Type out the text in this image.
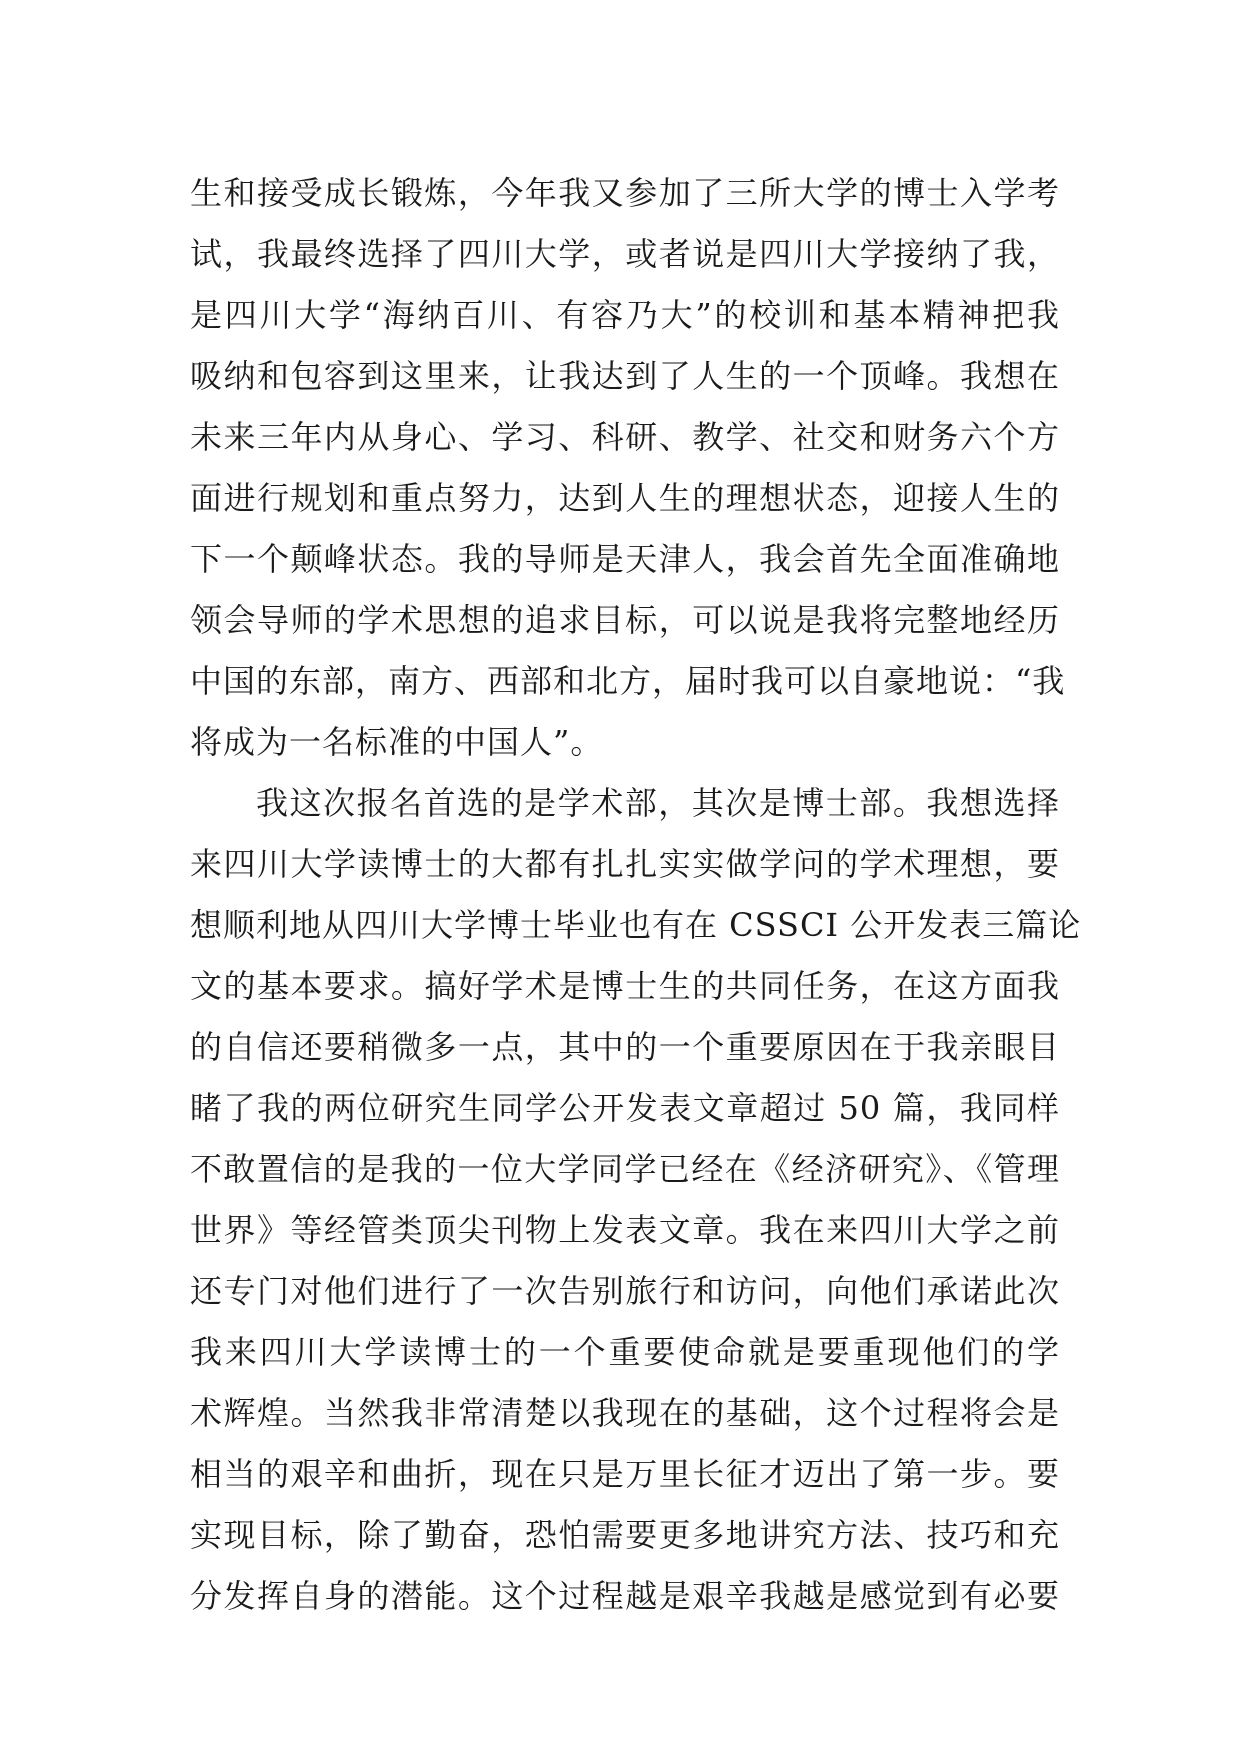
生和接受成长锻炼，今年我又参加了三所大学的博士入学考
试，我最终选择了四川大学，或者说是四川大学接纳了我，
是四川大学“海纳百川、有容乃大”的校训和基本精神把我
吸纳和包容到这里来，让我达到了人生的一个顶峰。我想在
未来三年内从身心、学习、科研、教学、社交和财务六个方
面进行规划和重点努力，达到人生的理想状态，迎接人生的
下一个颠峰状态。我的导师是天津人，我会首先全面准确地
领会导师的学术思想的追求目标，可以说是我将完整地经历
中国的东部，南方、西部和北方，届时我可以自豪地说：“我
将成为一名标准的中国人”。
我这次报名首选的是学术部，其次是博士部。我想选择
来四川大学读博士的大都有扎扎实实做学问的学术理想，要
想顺利地从四川大学博士毕业也有在 CSSCI 公开发表三篇论
文的基本要求。搞好学术是博士生的共同任务，在这方面我
的自信还要稍微多一点，其中的一个重要原因在于我亲眼目
睹了我的两位研究生同学公开发表文章超过 50 篇，我同样
不敢置信的是我的一位大学同学已经在《经济研究》、《管理
世界》等经管类顶尖刊物上发表文章。我在来四川大学之前
还专门对他们进行了一次告别旅行和访问，向他们承诺此次
我来四川大学读博士的一个重要使命就是要重现他们的学
术辉煌。当然我非常清楚以我现在的基础，这个过程将会是
相当的艰辛和曲折，现在只是万里长征才迈出了第一步。要
实现目标，除了勤奋，恐怕需要更多地讲究方法、技巧和充
分发挥自身的潜能。这个过程越是艰辛我越是感觉到有必要
